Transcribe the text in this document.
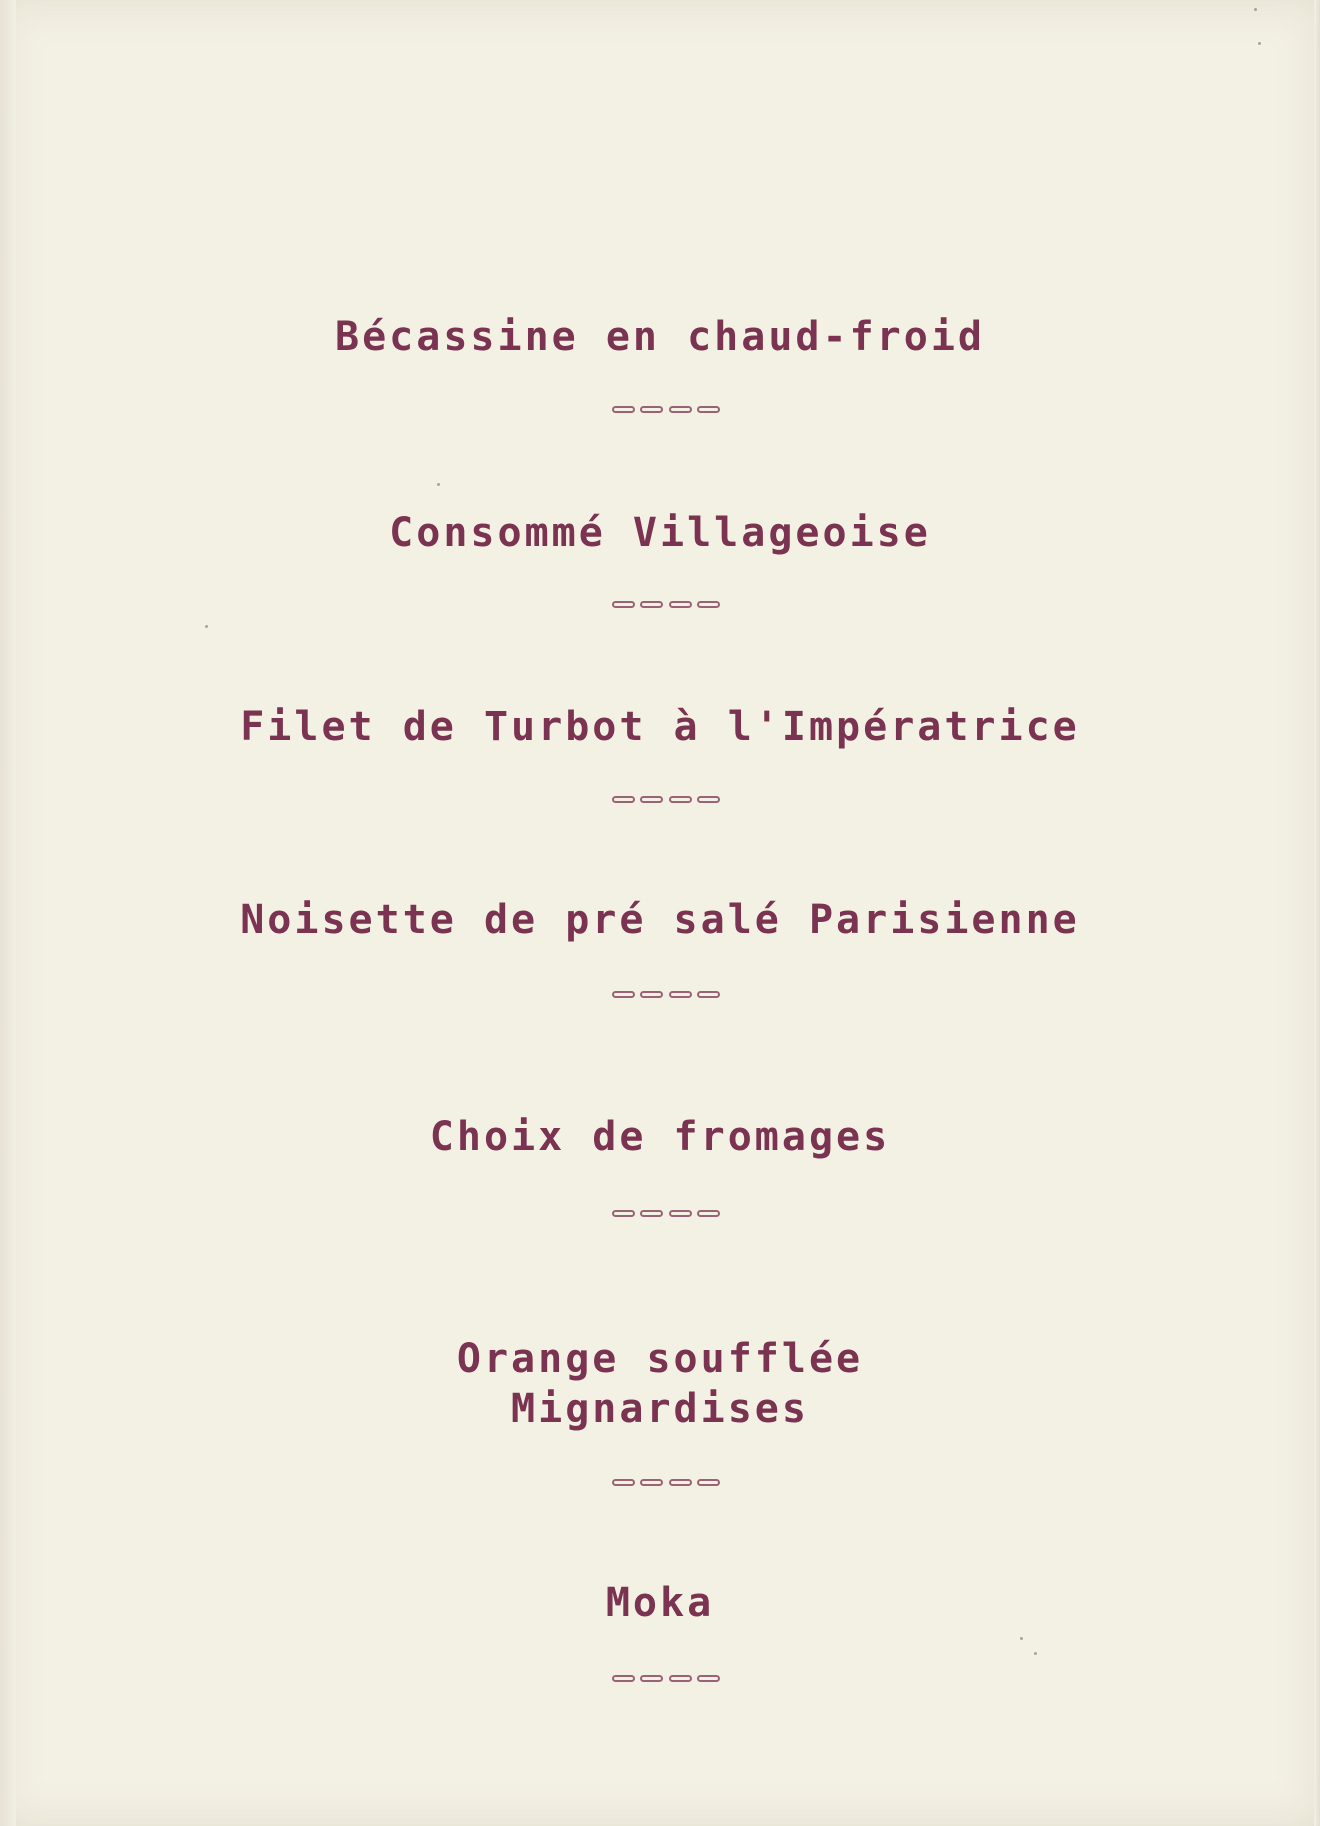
Bécassine en chaud-froid
Consommé Villageoise
Filet de Turbot à l'Impératrice
Noisette de pré salé Parisienne
Choix de fromages
Orange soufflée
Mignardises
Moka
